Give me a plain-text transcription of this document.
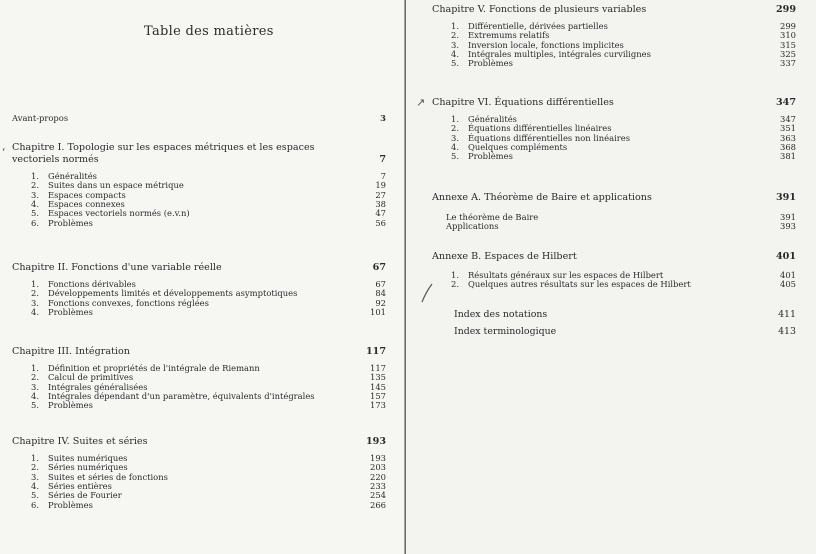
Table des matières
Avant-propos	3
Chapitre I. Topologie sur les espaces métriques et les espaces vectoriels normés	7
1. Généralités	7
2. Suites dans un espace métrique	19
3. Espaces compacts	27
4. Espaces connexes	38
5. Espaces vectoriels normés (e.v.n)	47
6. Problèmes	56
Chapitre II. Fonctions d'une variable réelle	67
1. Fonctions dérivables	67
2. Développements limités et développements asymptotiques	84
3. Fonctions convexes, fonctions réglées	92
4. Problèmes	101
Chapitre III. Intégration	117
1. Définition et propriétés de l'intégrale de Riemann	117
2. Calcul de primitives	135
3. Intégrales généralisées	145
4. Intégrales dépendant d'un paramètre, équivalents d'intégrales	157
5. Problèmes	173
Chapitre IV. Suites et séries	193
1. Suites numériques	193
2. Séries numériques	203
3. Suites et séries de fonctions	220
4. Séries entières	233
5. Séries de Fourier	254
6. Problèmes	266
‘
Chapitre V. Fonctions de plusieurs variables	299
1. Différentielle, dérivées partielles	299
2. Extremums relatifs	310
3. Inversion locale, fonctions implicites	315
4. Intégrales multiples, intégrales curvilignes	325
5. Problèmes	337
Chapitre VI. Équations différentielles	347
1. Généralités	347
2. Équations différentielles linéaires	351
3. Équations différentielles non linéaires	363
4. Quelques compléments	368
5. Problèmes	381
Annexe A. Théorème de Baire et applications	391
Le théorème de Baire	391
Applications	393
Annexe B. Espaces de Hilbert	401
1. Résultats généraux sur les espaces de Hilbert	401
2. Quelques autres résultats sur les espaces de Hilbert	405
Index des notations	411
Index terminologique	413
↗
